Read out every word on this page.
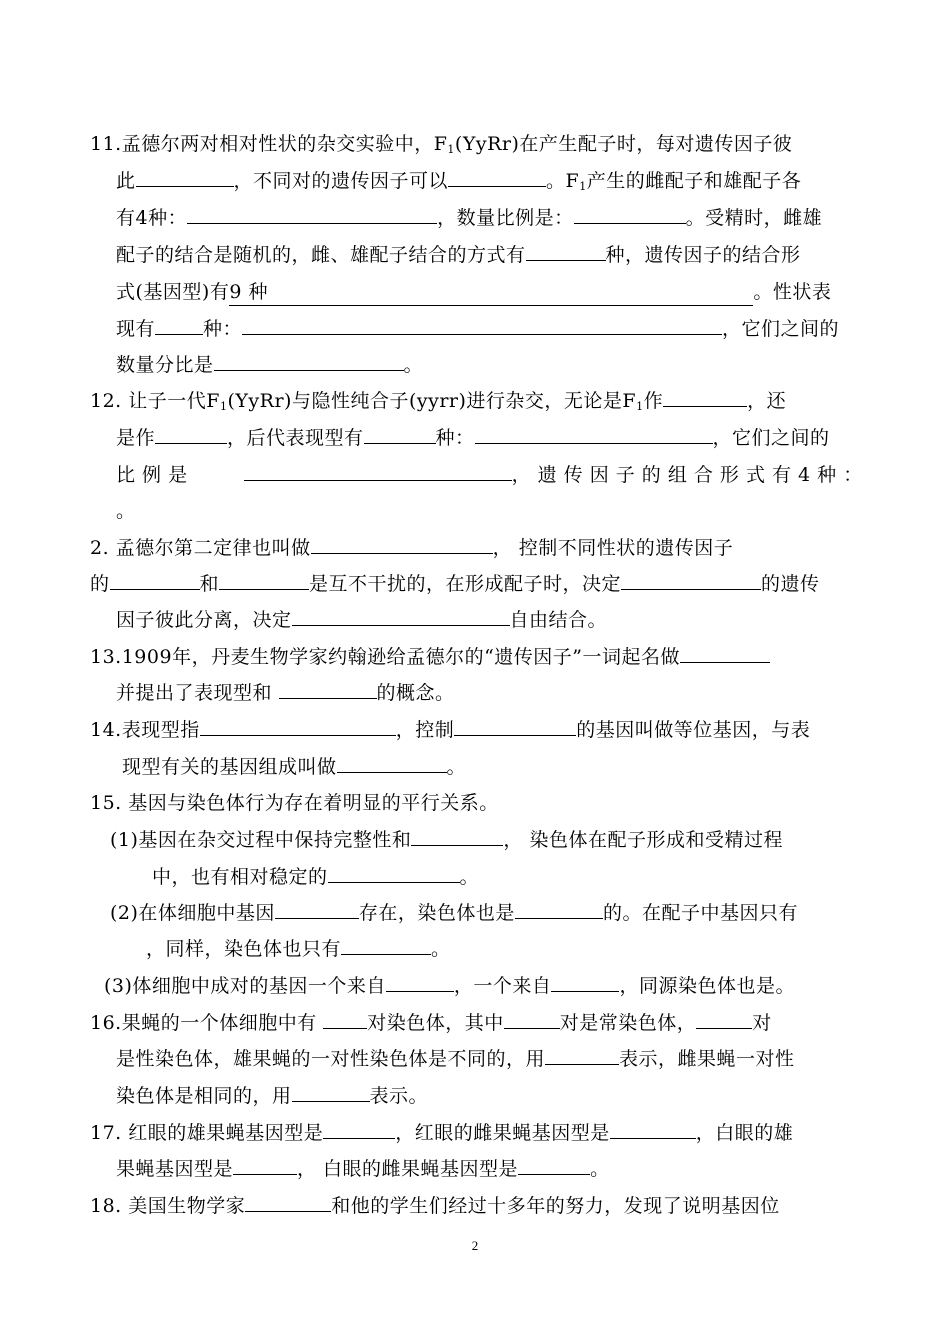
11.孟德尔两对相对性状的杂交实验中，$F_1(YyRr)$在产生配子时，每对遗传因子彼
此	，不同对的遗传因子可以	。$F_1$产生的雌配子和雄配子各
有4种：	，数量比例是：	。受精时，雌雄
配子的结合是随机的，雌、雄配子结合的方式有	种，遗传因子的结合形
式(基因型)有9 种	。性状表
现有	种：	，它们之间的
数量分比是	。
12. 让子一代$F_1(YyRr)$与隐性纯合子(yyrr)进行杂交，无论是$F_1$作	，还
是作	，后代表现型有	种：	，它们之间的
比 例 是	， 遗 传 因 子 的 组 合 形 式 有 4 种 ：
。
2. 孟德尔第二定律也叫做	， 控制不同性状的遗传因子
的	和	是互不干扰的，在形成配子时，决定	的遗传
因子彼此分离，决定	自由结合。
13.1909年，丹麦生物学家约翰逊给孟德尔的“遗传因子”一词起名做
并提出了表现型和	的概念。
14.表现型指	，控制	的基因叫做等位基因，与表
现型有关的基因组成叫做	。
15. 基因与染色体行为存在着明显的平行关系。
(1)基因在杂交过程中保持完整性和	， 染色体在配子形成和受精过程
中，也有相对稳定的	。
(2)在体细胞中基因	存在，染色体也是	的。在配子中基因只有
，同样，染色体也只有	。
(3)体细胞中成对的基因一个来自	，一个来自	，同源染色体也是。
16.果蝇的一个体细胞中有 对染色体，其中	对是常染色体，	对
是性染色体，雄果蝇的一对性染色体是不同的，用	表示，雌果蝇一对性
染色体是相同的，用	表示。
17. 红眼的雄果蝇基因型是	，红眼的雌果蝇基因型是	，白眼的雄
果蝇基因型是	， 白眼的雌果蝇基因型是	。
18. 美国生物学家	和他的学生们经过十多年的努力，发现了说明基因位
2
